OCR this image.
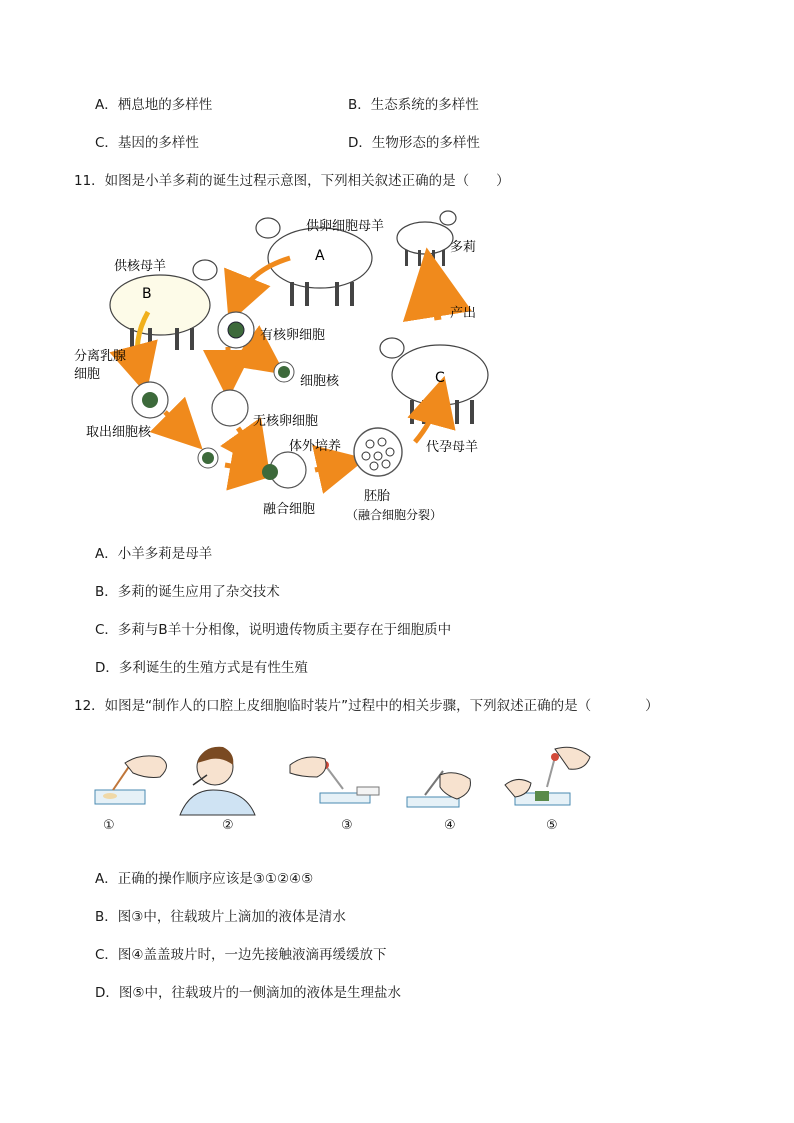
A．栖息地的多样性	B．生态系统的多样性
C．基因的多样性	D．生物形态的多样性
11．如图是小羊多莉的诞生过程示意图，下列相关叙述正确的是（　　）
A
B
C
供卵细胞母羊
供核母羊
多莉
产出
分离乳腺
细胞
取出细胞核
有核卵细胞
细胞核
无核卵细胞
体外培养	代孕母羊
融合细胞
胚胎
（融合细胞分裂）
A．小羊多莉是母羊
B．多莉的诞生应用了杂交技术
C．多莉与B羊十分相像，说明遗传物质主要存在于细胞质中
D．多利诞生的生殖方式是有性生殖
12．如图是“制作人的口腔上皮细胞临时装片”过程中的相关步骤，下列叙述正确的是（　　　　）
①	②	③	④	⑤
A．正确的操作顺序应该是③①②④⑤
B．图③中，往载玻片上滴加的液体是清水
C．图④盖盖玻片时，一边先接触液滴再缓缓放下
D．图⑤中，往载玻片的一侧滴加的液体是生理盐水
